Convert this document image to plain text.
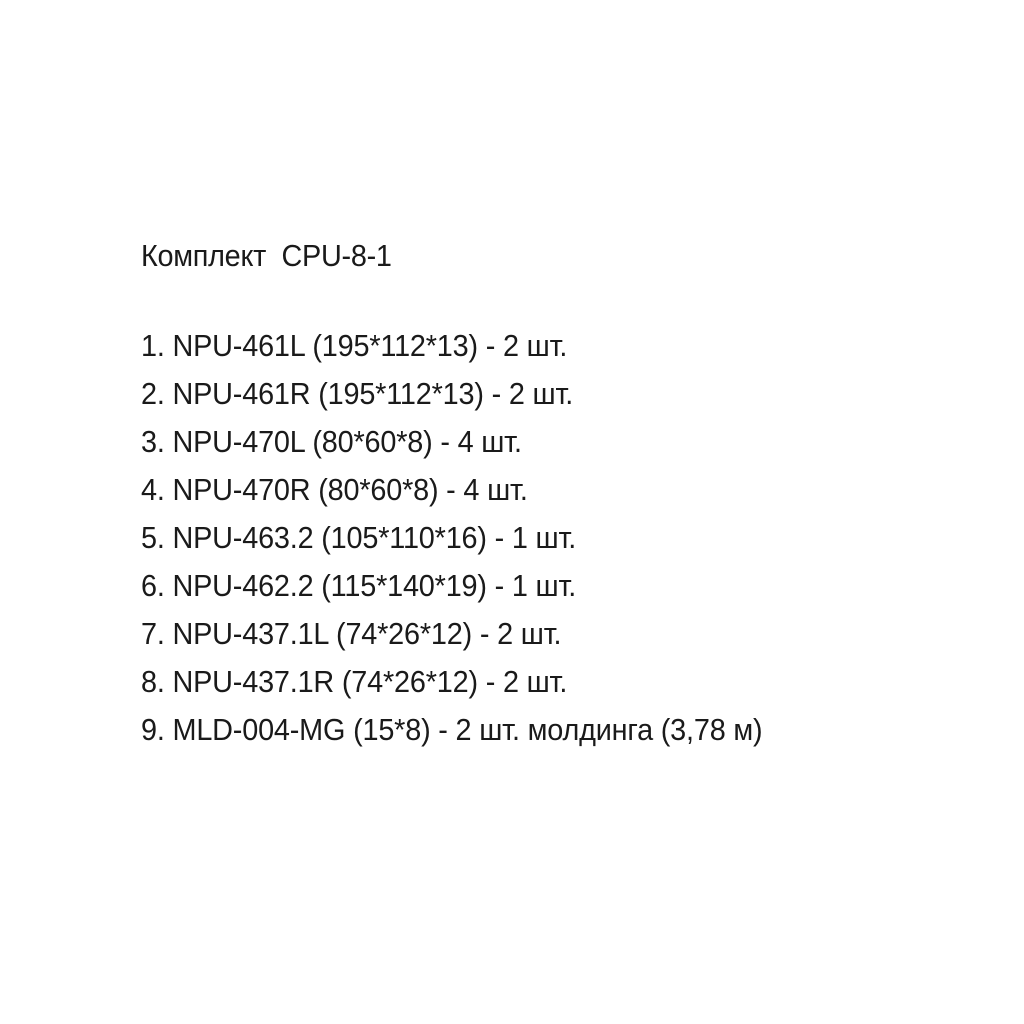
Комплект  CPU-8-1

1. NPU-461L (195*112*13) - 2 шт.
2. NPU-461R (195*112*13) - 2 шт.
3. NPU-470L (80*60*8) - 4 шт.
4. NPU-470R (80*60*8) - 4 шт.
5. NPU-463.2 (105*110*16) - 1 шт.
6. NPU-462.2 (115*140*19) - 1 шт.
7. NPU-437.1L (74*26*12) - 2 шт.
8. NPU-437.1R (74*26*12) - 2 шт.
9. MLD-004-MG (15*8) - 2 шт. молдинга (3,78 м)
